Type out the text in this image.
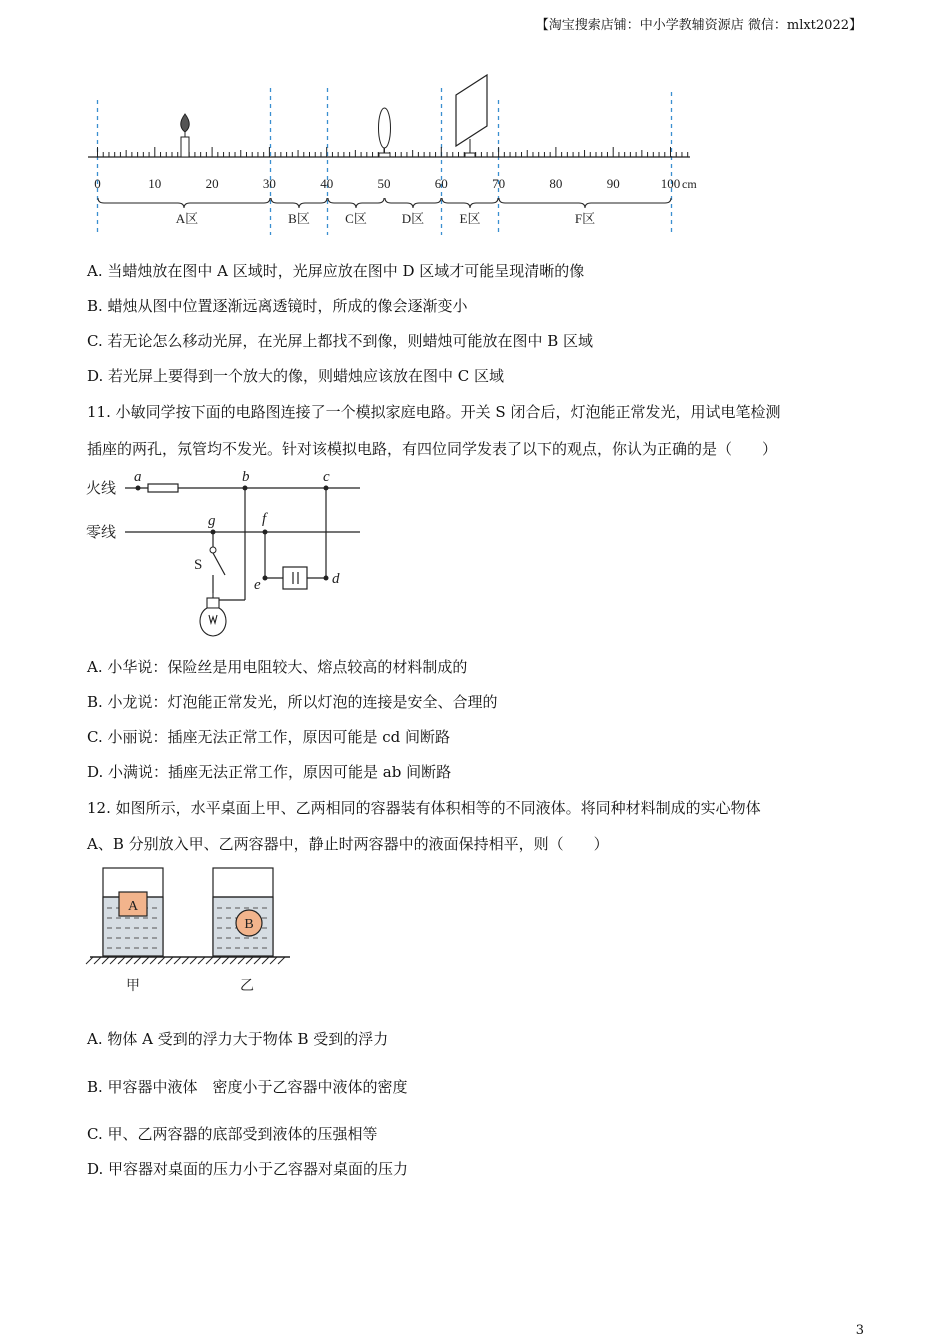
【淘宝搜索店铺：中小学教辅资源店 微信：mlxt2022】
0	10	20	30	40	50	60	70	80	90	100 cm
A区	B区	C区	D区	E区	F区
A. 当蜡烛放在图中 A 区域时，光屏应放在图中 D 区域才可能呈现清晰的像
B. 蜡烛从图中位置逐渐远离透镜时，所成的像会逐渐变小
C. 若无论怎么移动光屏，在光屏上都找不到像，则蜡烛可能放在图中 B 区域
D. 若光屏上要得到一个放大的像，则蜡烛应该放在图中 C 区域
11. 小敏同学按下面的电路图连接了一个模拟家庭电路。开关 S 闭合后，灯泡能正常发光，用试电笔检测
插座的两孔，氖管均不发光。针对该模拟电路，有四位同学发表了以下的观点，你认为正确的是（　　）
火线
零线
a	b	c
g	f
e	d
S
A. 小华说：保险丝是用电阻较大、熔点较高的材料制成的
B. 小龙说：灯泡能正常发光，所以灯泡的连接是安全、合理的
C. 小丽说：插座无法正常工作，原因可能是 cd 间断路
D. 小满说：插座无法正常工作，原因可能是 ab 间断路
12. 如图所示，水平桌面上甲、乙两相同的容器装有体积相等的不同液体。将同种材料制成的实心物体
A、B 分别放入甲、乙两容器中，静止时两容器中的液面保持相平，则（　　）
A
B
甲	乙
A. 物体 A 受到的浮力大于物体 B 受到的浮力
B. 甲容器中液体　密度小于乙容器中液体的密度
C. 甲、乙两容器的底部受到液体的压强相等
D. 甲容器对桌面的压力小于乙容器对桌面的压力
3
